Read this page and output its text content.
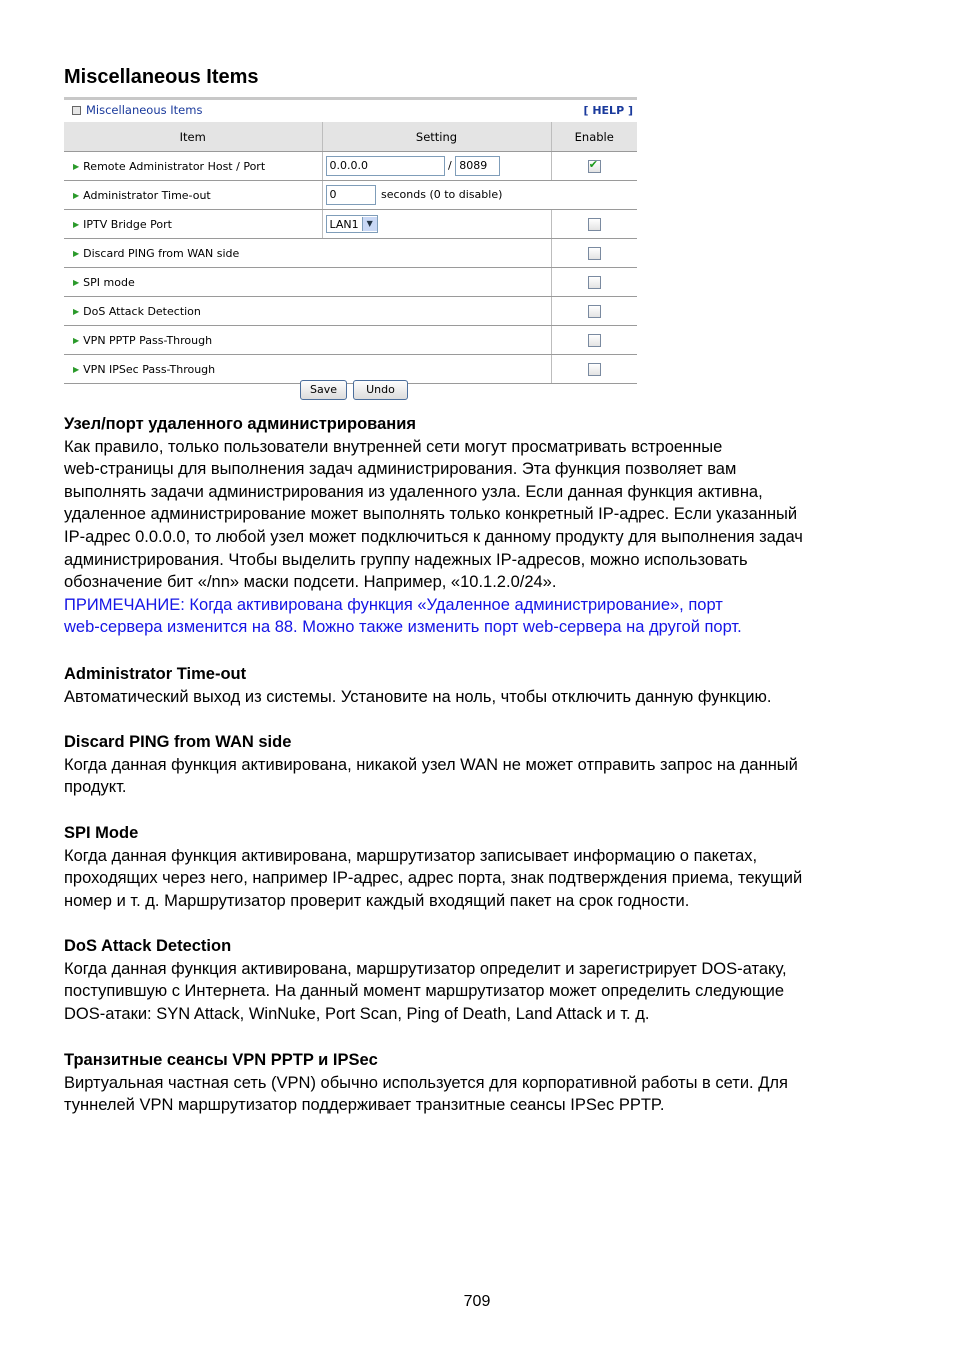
Miscellaneous Items
Miscellaneous Items	[ HELP ]
Item	Setting	Enable
▶ Remote Administrator Host / Port	0.0.0.0 / 8089	✔
▶ Administrator Time-out	0 seconds (0 to disable)	
▶ IPTV Bridge Port	LAN1 ▼	

▶ Discard PING from WAN side		
▶ SPI mode		
▶ DoS Attack Detection		
▶ VPN PPTP Pass-Through		
▶ VPN IPSec Pass-Through		
Save	Undo

Узел/порт удаленного администрирования

Как правило, только пользователи внутренней сети могут просматривать встроенные

web-страницы для выполнения задач администрирования. Эта функция позволяет вам

выполнять задачи администрирования из удаленного узла. Если данная функция активна,

удаленное администрирование может выполнять только конкретный IP-адрес. Если указанный

IP-адрес 0.0.0.0, то любой узел может подключиться к данному продукту для выполнения задач

администрирования. Чтобы выделить группу надежных IP-адресов, можно использовать

обозначение бит «/nn» маски подсети. Например, «10.1.2.0/24».

ПРИМЕЧАНИЕ: Когда активирована функция «Удаленное администрирование», порт

web-сервера изменится на 88. Можно также изменить порт web-сервера на другой порт.

Administrator Time-out

Автоматический выход из системы. Установите на ноль, чтобы отключить данную функцию.

Discard PING from WAN side

Когда данная функция активирована, никакой узел WAN не может отправить запрос на данный

продукт.

SPI Mode

Когда данная функция активирована, маршрутизатор записывает информацию о пакетах,

проходящих через него, например IP-адрес, адрес порта, знак подтверждения приема, текущий

номер и т. д. Маршрутизатор проверит каждый входящий пакет на срок годности.

DoS Attack Detection

Когда данная функция активирована, маршрутизатор определит и зарегистрирует DOS-атаку,

поступившую с Интернета. На данный момент маршрутизатор может определить следующие

DOS-атаки: SYN Attack, WinNuke, Port Scan, Ping of Death, Land Attack и т. д.

Транзитные сеансы VPN PPTP и IPSec

Виртуальная частная сеть (VPN) обычно используется для корпоративной работы в сети. Для

туннелей VPN маршрутизатор поддерживает транзитные сеансы IPSec PPTP.

709
